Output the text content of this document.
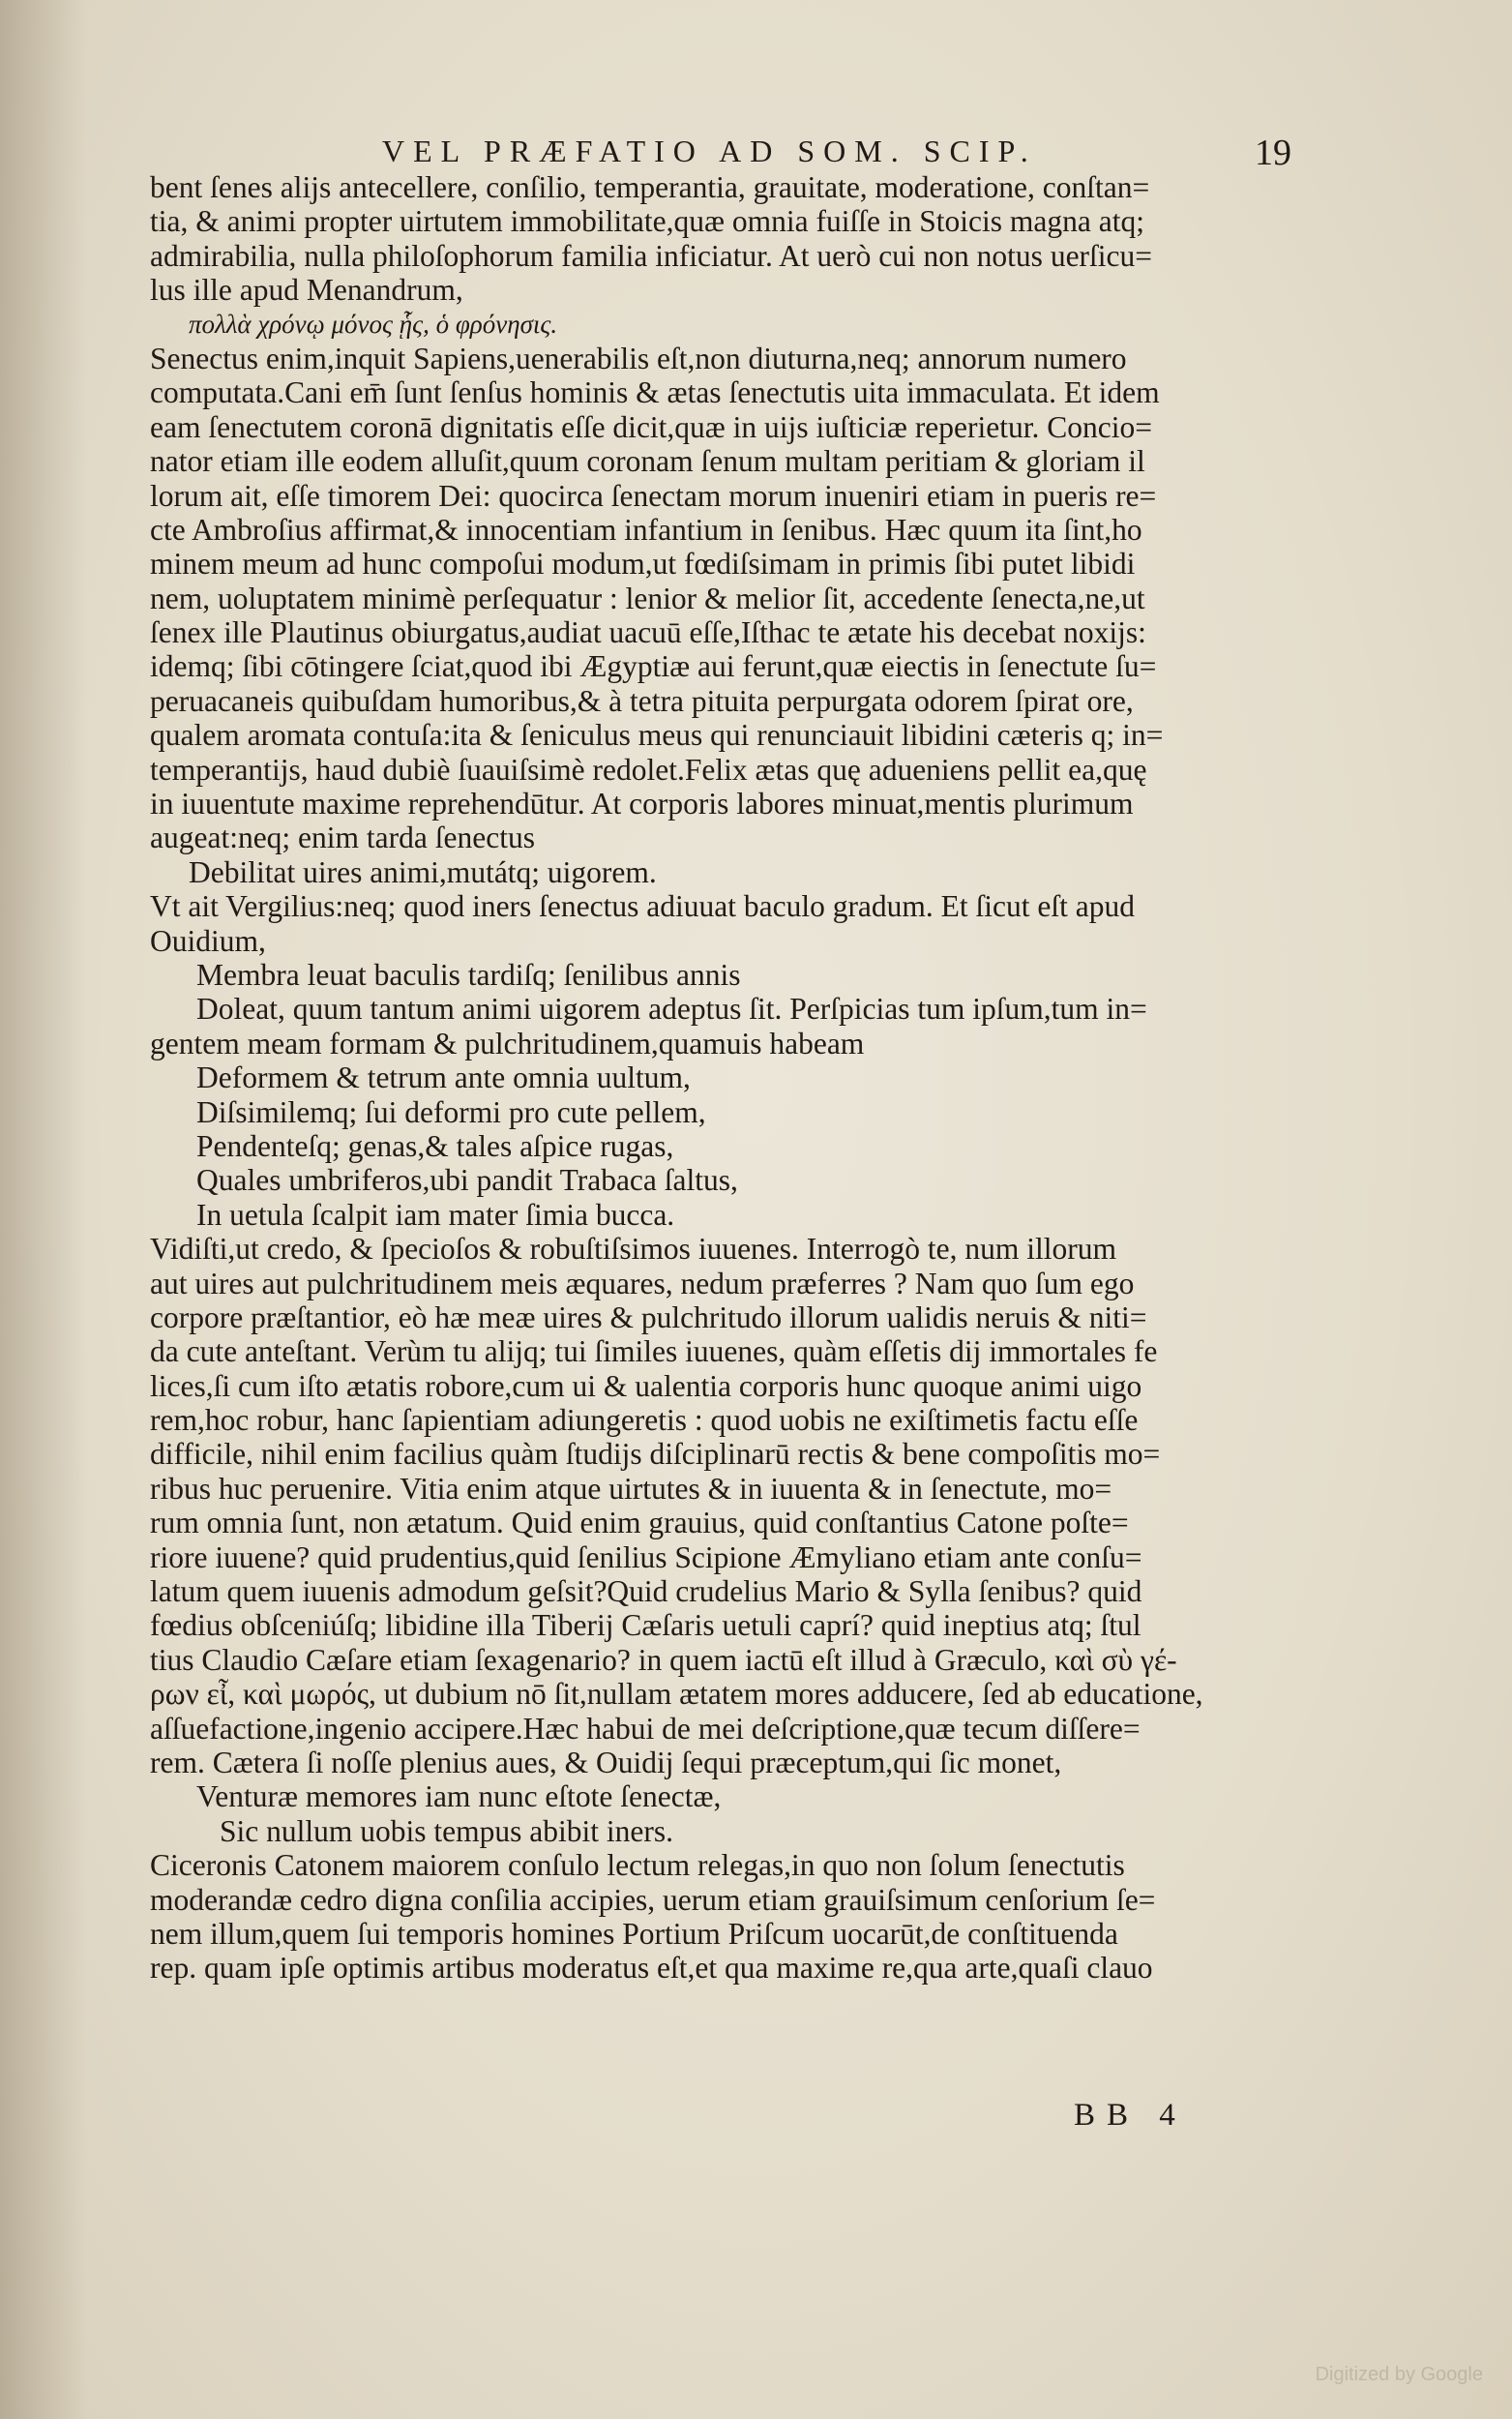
VEL PRÆFATIO AD SOM. SCIP.	19
bent ſenes aliјs antecellere, conſilio, temperantia, grauitate, moderatione, conſtan=
tia, & animi propter uirtutem immobilitate,quæ omnia fuiſſe in Stoicis magna atq;
admirabilia, nulla philoſophorum familia inficiatur. At uerò cui non notus uerſicu=
lus ille apud Menandrum,
πολλὰ χρόνῳ μόνος ᾗς, ὁ φρόνησις.
Senectus enim,inquit Sapiens,uenerabilis eſt,non diuturna,neq; annorum numero
computata.Cani em̄ ſunt ſenſus hominis & ætas ſenectutis uita immaculata. Et idem
eam ſenectutem coronā dignitatis eſſe dicit,quæ in uijs iuſticiæ reperietur. Concio=
nator etiam ille eodem alluſit,quum coronam ſenum multam peritiam & gloriam il
lorum ait, eſſe timorem Dei: quocirca ſenectam morum inueniri etiam in pueris re=
cte Ambroſius affirmat,& innocentiam infantium in ſenibus. Hæc quum ita ſint,ho
minem meum ad hunc compoſui modum,ut fœdiſsimam in primis ſibi putet libidi
nem, uoluptatem minimè perſequatur : lenior & melior ſit, accedente ſenecta,ne,ut
ſenex ille Plautinus obiurgatus,audiat uacuū eſſe,Iſthac te ætate his decebat noxijs:
idemq; ſibi cōtingere ſciat,quod ibi Ægyptiæ aui ferunt,quæ eiectis in ſenectute ſu=
peruacaneis quibuſdam humoribus,& à tetra pituita perpurgata odorem ſpirat ore,
qualem aromata contuſa:ita & ſeniculus meus qui renunciauit libidini cæteris q; in=
temperantijs, haud dubiè ſuauiſsimè redolet.Felix ætas quę adueniens pellit ea,quę
in iuuentute maxime reprehendūtur. At corporis labores minuat,mentis plurimum
augeat:neq; enim tarda ſenectus
Debilitat uires animi,mutátq; uigorem.
Vt ait Vergilius:neq; quod iners ſenectus adiuuat baculo gradum. Et ſicut eſt apud
Ouidium,
Membra leuat baculis tardiſq; ſenilibus annis
Doleat, quum tantum animi uigorem adeptus ſit. Perſpicias tum ipſum,tum in=
gentem meam formam & pulchritudinem,quamuis habeam
Deformem & tetrum ante omnia uultum,
Diſsimilemq; ſui deformi pro cute pellem,
Pendenteſq; genas,& tales aſpice rugas,
Quales umbriferos,ubi pandit Trabaca ſaltus,
In uetula ſcalpit iam mater ſimia bucca.
Vidiſti,ut credo, & ſpecioſos & robuſtiſsimos iuuenes. Interrogò te, num illorum
aut uires aut pulchritudinem meis æquares, nedum præferres ? Nam quo ſum ego
corpore præſtantior, eò hæ meæ uires & pulchritudo illorum ualidis neruis & niti=
da cute anteſtant. Verùm tu aliјq; tui ſimiles iuuenes, quàm eſſetis dij immortales fe
lices,ſi cum iſto ætatis robore,cum ui & ualentia corporis hunc quoque animi uigo
rem,hoc robur, hanc ſapientiam adiungeretis : quod uobis ne exiſtimetis factu eſſe
difficile, nihil enim facilius quàm ſtudijs diſciplinarū rectis & bene compoſitis mo=
ribus huc peruenire. Vitia enim atque uirtutes & in iuuenta & in ſenectute, mo=
rum omnia ſunt, non ætatum. Quid enim grauius, quid conſtantius Catone poſte=
riore iuuene? quid prudentius,quid ſenilius Scipione Æmyliano etiam ante conſu=
latum quem iuuenis admodum geſsit?Quid crudelius Mario & Sylla ſenibus? quid
fœdius obſceniúſq; libidine illa Tiberij Cæſaris uetuli caprí? quid ineptius atq; ſtul
tius Claudio Cæſare etiam ſexagenario? in quem iactū eſt illud à Græculo, καὶ σὺ γέ-
ρων εἶ, καὶ μωρός, ut dubium nō ſit,nullam ætatem mores adducere, ſed ab educatione,
aſſuefactione,ingenio accipere.Hæc habui de mei deſcriptione,quæ tecum diſſere=
rem. Cætera ſi noſſe plenius aues, & Ouidij ſequi præceptum,qui ſic monet,
Venturæ memores iam nunc eſtote ſenectæ,
Sic nullum uobis tempus abibit iners.
Ciceronis Catonem maiorem conſulo lectum relegas,in quo non ſolum ſenectutis
moderandæ cedro digna conſilia accipies, uerum etiam grauiſsimum cenſorium ſe=
nem illum,quem ſui temporis homines Portium Priſcum uocarūt,de conſtituenda
rep. quam ipſe optimis artibus moderatus eſt,et qua maxime re,qua arte,quaſi clauo
BB 4
Digitized by Google
